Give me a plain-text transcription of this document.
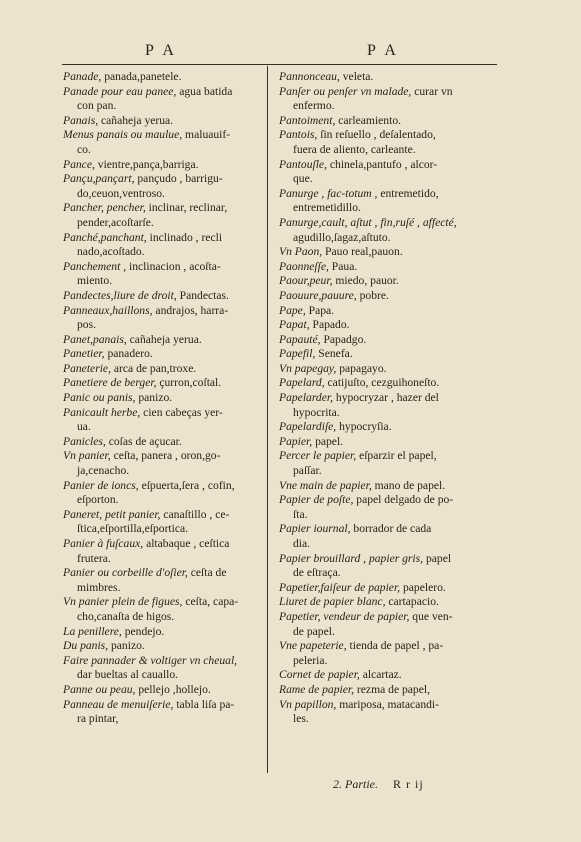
P A	P A
Panade, panada,panetele.
Panade pour eau panee, agua batida
con pan.
Panais, cañaheja yerua.
Menus panais ou maulue, maluauif-
co.
Pance, vientre,pança,barriga.
Pançu,pançart, pançudo , barrigu-
do,ceuon,ventroso.
Pancher, pencher, inclinar, reclinar,
pender,acoſtarſe.
Panché,panchant, inclinado , recli
nado,acoſtado.
Panchement , inclinacion , acoſta-
miento.
Pandectes,liure de droit, Pandectas.
Panneaux,haillons, andrajos, harra-
pos.
Panet,panais, cañaheja yerua.
Panetier, panadero.
Paneterie, arca de pan,troxe.
Panetiere de berger, çurron,coſtal.
Panic ou panis, panizo.
Panicault herbe, cien cabeças yer-
ua.
Panicles, coſas de açucar.
Vn panier, ceſta, panera , oron,go-
ja,cenacho.
Panier de ioncs, eſpuerta,ſera , cofin,
eſporton.
Paneret, petit panier, canaſtillo , ce-
ſtica,eſportilla,eſportica.
Panier à fuſcaux, altabaque , ceſtica
frutera.
Panier ou corbeille d'oſier, ceſta de
mimbres.
Vn panier plein de figues, ceſta, capa-
cho,canaſta de higos.
La penillere, pendejo.
Du panis, panizo.
Faire pannader & voltiger vn cheual,
dar bueltas al cauallo.
Panne ou peau, pellejo ,hollejo.
Panneau de menuiſerie, tabla liſa pa-
ra pintar,
Pannonceau, veleta.
Panſer ou penſer vn malade, curar vn
enfermo.
Pantoiment, carleamiento.
Pantois, ſin reſuello , deſalentado,
fuera de aliento, carleante.
Pantouſle, chinela,pantufo , alcor-
que.
Panurge , fac-totum , entremetido,
entremetidillo.
Panurge,cault, aſtut , fin,ruſé , affecté,
agudillo,ſagaz,aſtuto.
Vn Paon, Pauo real,pauon.
Paonneſſe, Paua.
Paour,peur, miedo, pauor.
Paouure,pauure, pobre.
Pape, Papa.
Papat, Papado.
Papauté, Papadgo.
Papefil, Senefa.
Vn papegay, papagayo.
Papelard, catijuſto, cezguihoneſto.
Papelarder, hypocryzar , hazer del
hypocrita.
Papelardiſe, hypocryſia.
Papier, papel.
Percer le papier, eſparzir el papel,
paſſar.
Vne main de papier, mano de papel.
Papier de poſte, papel delgado de po-
ſta.
Papier iournal, borrador de cada
dia.
Papier brouillard , papier gris, papel
de eſtraça.
Papetier,faiſeur de papier, papelero.
Liuret de papier blanc, cartapacio.
Papetier, vendeur de papier, que ven-
de papel.
Vne papeterie, tienda de papel , pa-
peleria.
Cornet de papier, alcartaz.
Rame de papier, rezma de papel,
Vn papillon, mariposa, matacandi-
les.
2. Partie. R r ij
